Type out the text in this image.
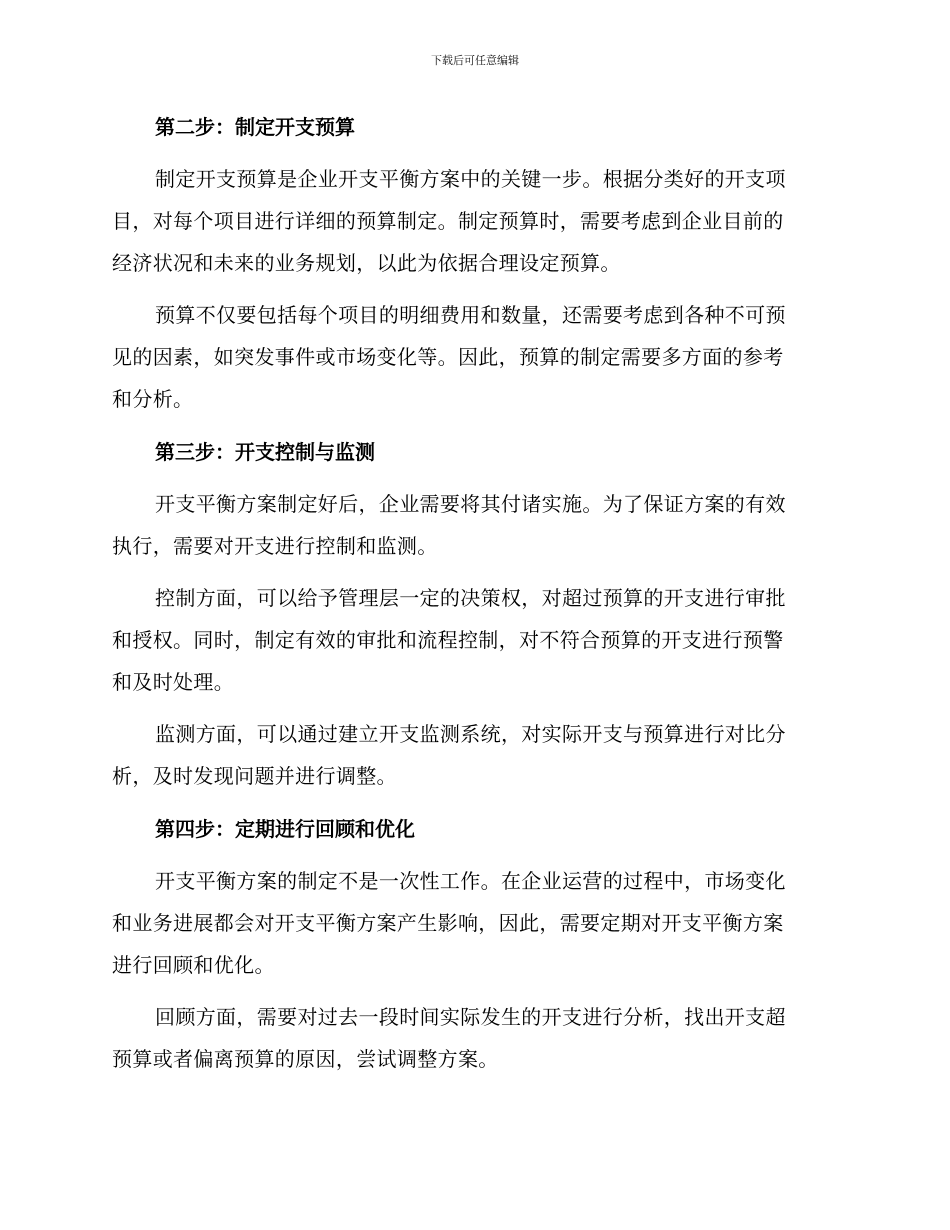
下载后可任意编辑
第二步：制定开支预算
制定开支预算是企业开支平衡方案中的关键一步。根据分类好的开支项
目，对每个项目进行详细的预算制定。制定预算时，需要考虑到企业目前的
经济状况和未来的业务规划，以此为依据合理设定预算。
预算不仅要包括每个项目的明细费用和数量，还需要考虑到各种不可预
见的因素，如突发事件或市场变化等。因此，预算的制定需要多方面的参考
和分析。
第三步：开支控制与监测
开支平衡方案制定好后，企业需要将其付诸实施。为了保证方案的有效
执行，需要对开支进行控制和监测。
控制方面，可以给予管理层一定的决策权，对超过预算的开支进行审批
和授权。同时，制定有效的审批和流程控制，对不符合预算的开支进行预警
和及时处理。
监测方面，可以通过建立开支监测系统，对实际开支与预算进行对比分
析，及时发现问题并进行调整。
第四步：定期进行回顾和优化
开支平衡方案的制定不是一次性工作。在企业运营的过程中，市场变化
和业务进展都会对开支平衡方案产生影响，因此，需要定期对开支平衡方案
进行回顾和优化。
回顾方面，需要对过去一段时间实际发生的开支进行分析，找出开支超
预算或者偏离预算的原因，尝试调整方案。
